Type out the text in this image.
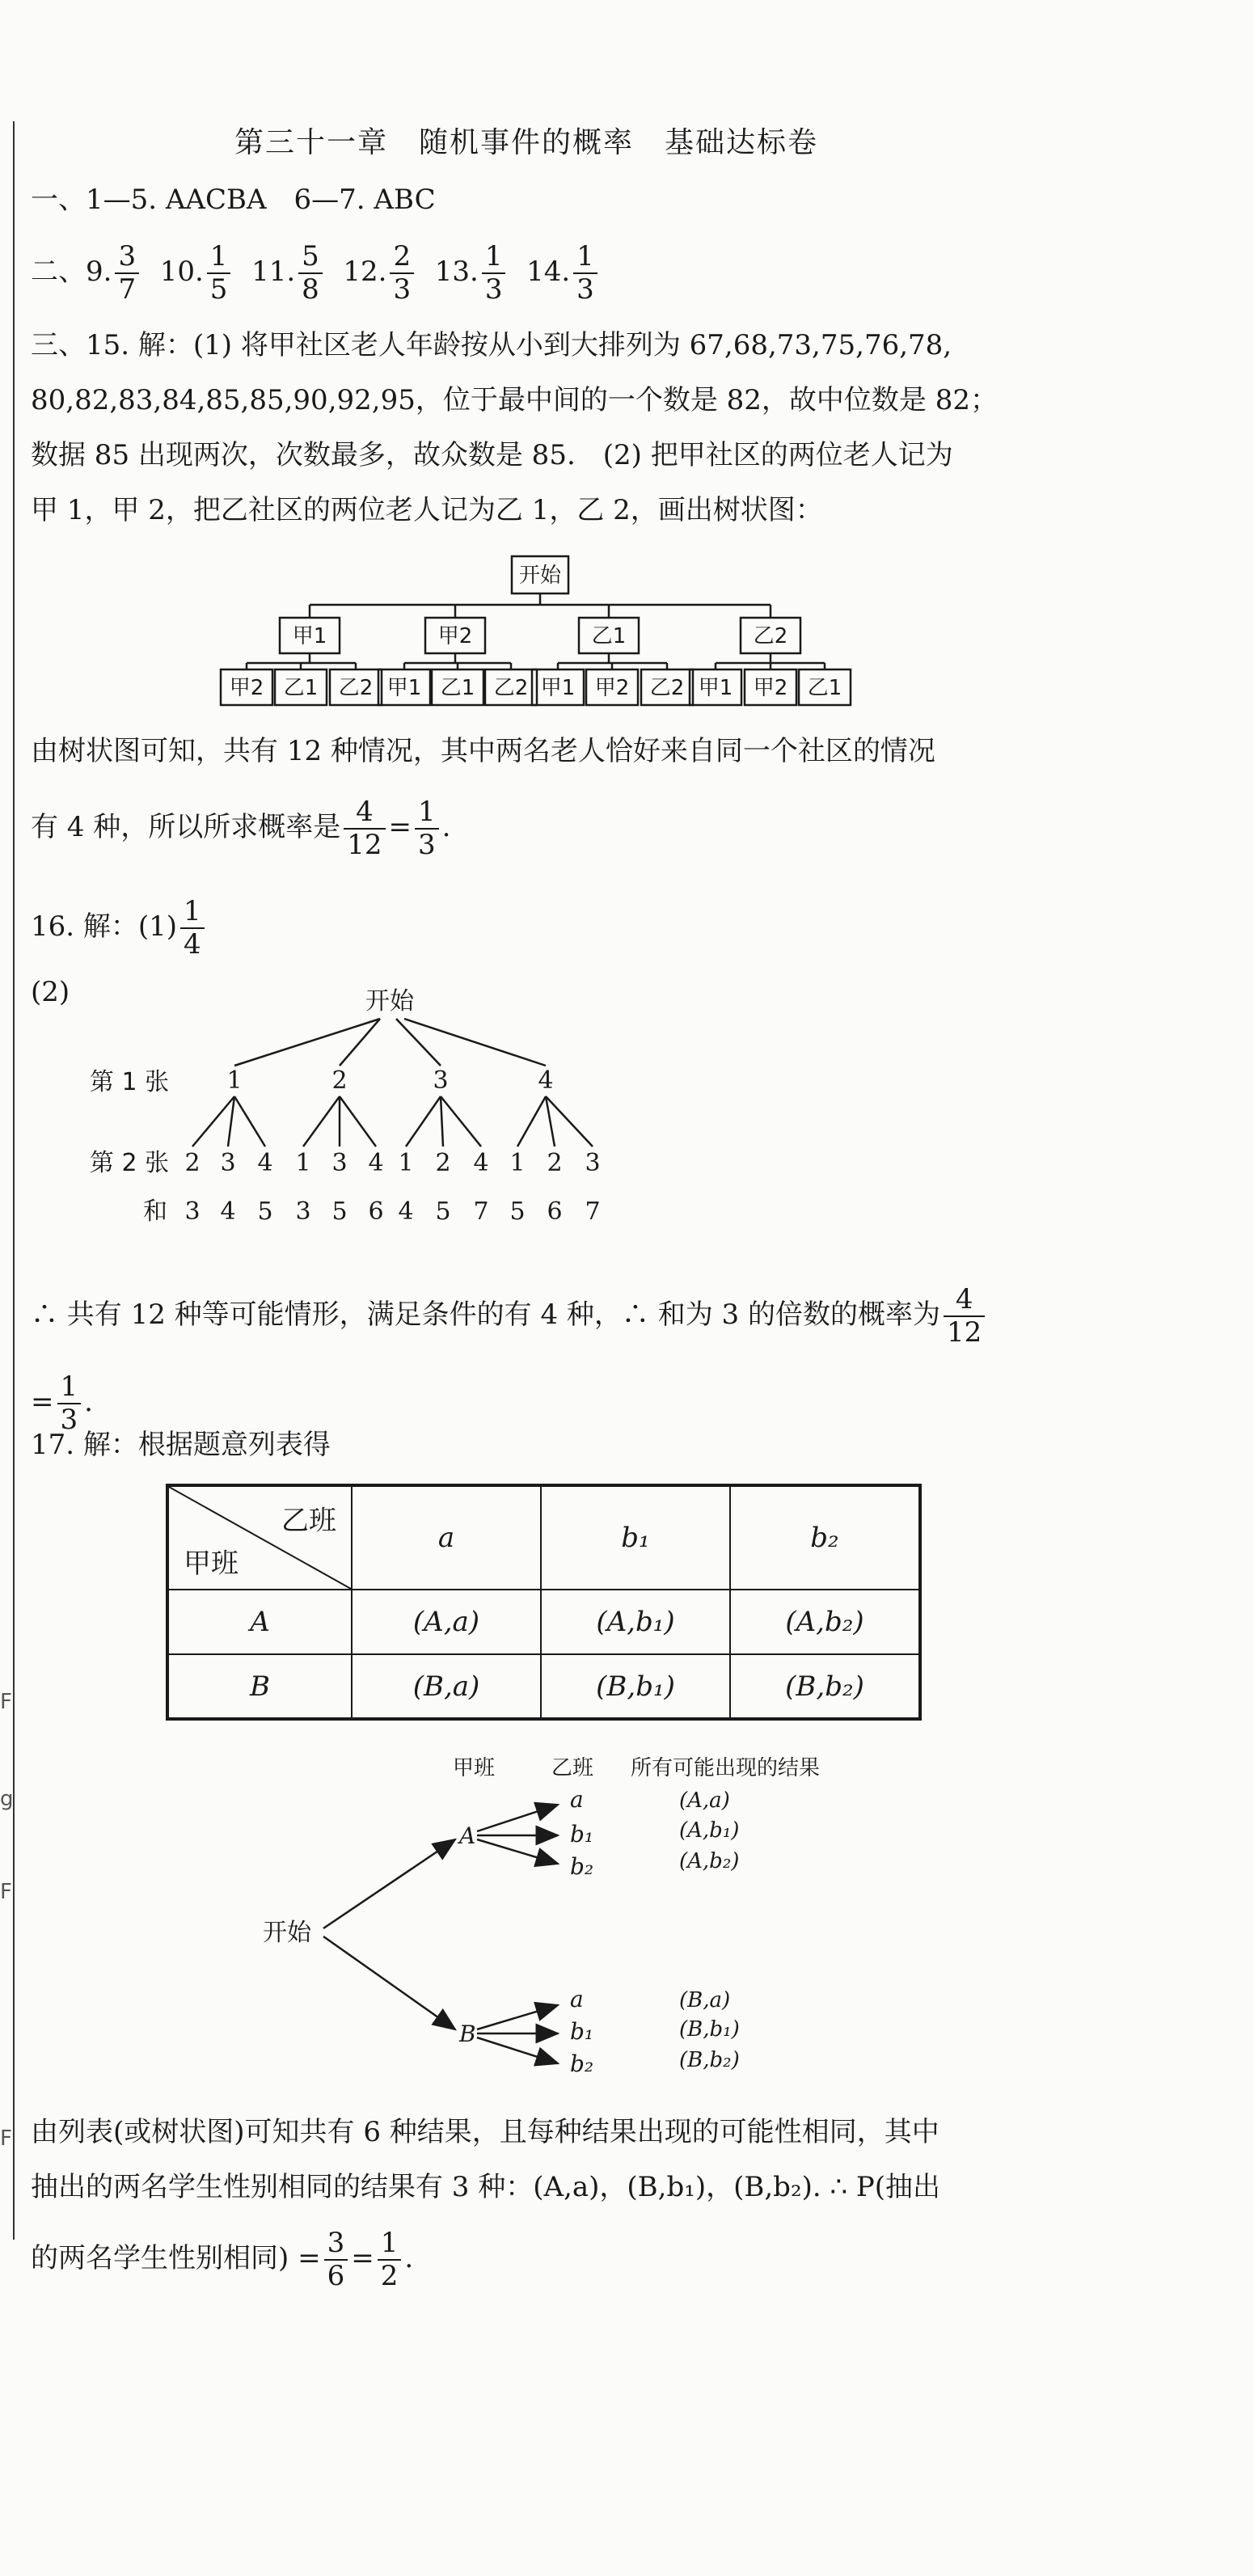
F
g
F
F
第三十一章　随机事件的概率　基础达标卷
一、1—5. AACBA　6—7. ABC
二、9. $\frac{3}{7} 10$. $\frac{1}{5} 11$. $\frac{5}{8} 12$. $\frac{2}{3} 13$. $\frac{1}{3} 14$. $\frac{1}{3}$
三、15. 解：(1) 将甲社区老人年龄按从小到大排列为 67,68,73,75,76,78,
80,82,83,84,85,85,90,92,95，位于最中间的一个数是 82，故中位数是 82；
数据 85 出现两次，次数最多，故众数是 85.　(2) 把甲社区的两位老人记为
甲 1，甲 2，把乙社区的两位老人记为乙 1，乙 2，画出树状图：
开始
甲1	甲2	乙1	乙2
甲2 乙1 乙2 甲1 乙1 乙2 甲1 甲2 乙2 甲1 甲2 乙1
由树状图可知，共有 12 种情况，其中两名老人恰好来自同一个社区的情况
有 4 种，所以所求概率是 $\frac{4}{12} = \frac{1}{3}$ .
16. 解：$(1) \frac{1}{4}$
(2)	开始
第 1 张
第 2 张
和
1	2	3	4
2 3 4 1 3 4 1 2 4 1 2 3
3 4 5 3 5 6 4 5 7 5 6 7
∴ 共有 12 种等可能情形，满足条件的有 4 种，∴ 和为 3 的倍数的概率为 $\frac{4}{12}$
= $\frac{1}{3}$ .
17. 解：根据题意列表得
乙班
甲班	a	b₁	b₂
A	(A,a)	(A,b₁)	(A,b₂)
B	(B,a)	(B,b₁)	(B,b₂)
甲班	乙班 所有可能出现的结果
开始
A
B
a
b₁
b₂
a
b₁
b₂
(A,a)
(A,b₁)
(A,b₂)
(B,a)
(B,b₁)
(B,b₂)
由列表(或树状图)可知共有 6 种结果，且每种结果出现的可能性相同，其中
抽出的两名学生性别相同的结果有 3 种：(A,a)，(B,b₁)，(B,b₂). ∴ P(抽出
的两名学生性别相同) = $\frac{3}{6} = \frac{1}{2}$ .
